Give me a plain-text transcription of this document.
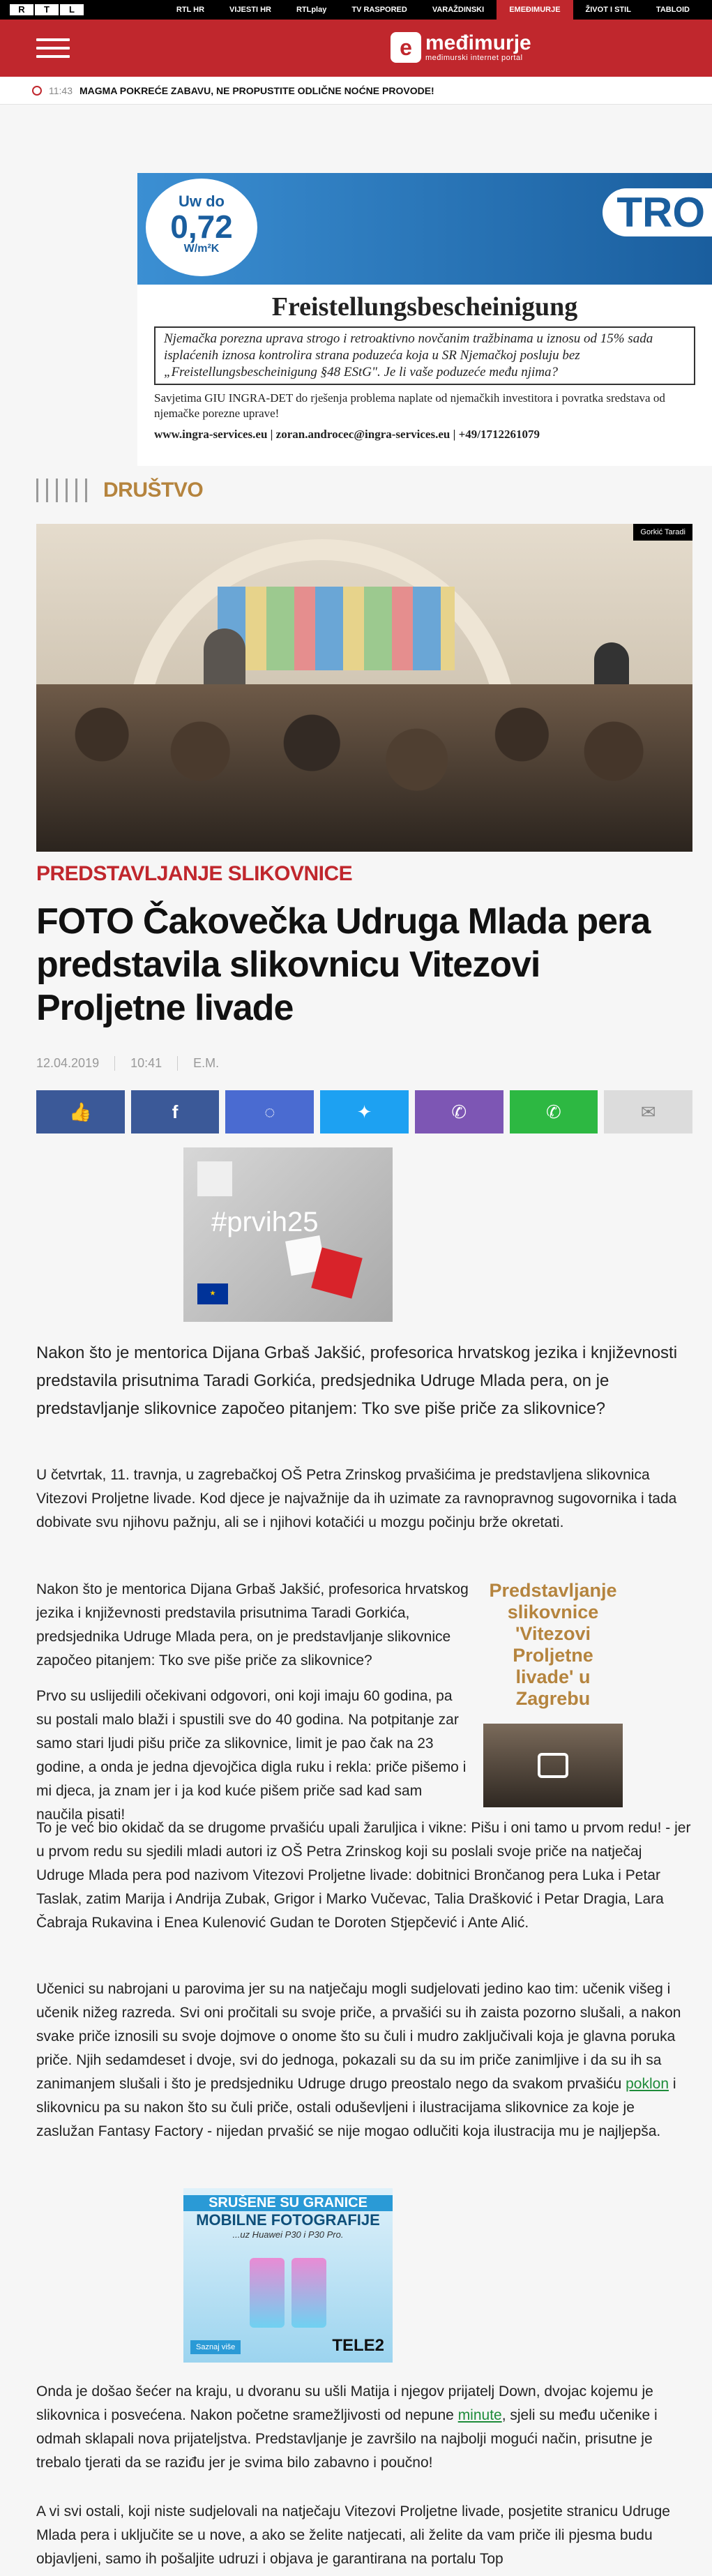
R	T	L	RTL HR	VIJESTI HR	RTLplay	TV RASPORED	VARAŽDINSKI	EMEĐIMURJE	ŽIVOT I STIL	TABLOID
e međimurje
međimurski internet portal
11:43 MAGMA POKREĆE ZABAVU, NE PROPUSTITE ODLIČNE NOĆNE PROVODE!
Uw do
0,72
W/m²K
TRO
Freistellungsbescheinigung
Njemačka porezna uprava strogo i retroaktivno novčanim tražbinama u iznosu od 15% sada isplaćenih iznosa kontrolira strana poduzeća koja u SR Njemačkoj posluju bez „Freistellungsbescheinigung §48 EStG". Je li vaše poduzeće među njima?
Savjetima GIU INGRA-DET do rješenja problema naplate od njemačkih investitora i povratka sredstava od njemačke porezne uprave!
www.ingra-services.eu | zoran.androcec@ingra-services.eu | +49/1712261079
DRUŠTVO
Gorkić Taradi
PREDSTAVLJANJE SLIKOVNICE
FOTO Čakovečka Udruga Mlada pera predstavila slikovnicu Vitezovi Proljetne livade
12.04.2019	10:41	E.M.
👍	f	◌	✦	✆	✆	✉
#prvih25
★

Nakon što je mentorica Dijana Grbaš Jakšić, profesorica hrvatskog jezika i književnosti predstavila prisutnima Taradi Gorkića, predsjednika Udruge Mlada pera, on je predstavljanje slikovnice započeo pitanjem: Tko sve piše priče za slikovnice?

U četvrtak, 11. travnja, u zagrebačkoj OŠ Petra Zrinskog prvašićima je predstavljena slikovnica Vitezovi Proljetne livade. Kod djece je najvažnije da ih uzimate za ravnopravnog sugovornika i tada dobivate svu njihovu pažnju, ali se i njihovi kotačići u mozgu počinju brže okretati.

Nakon što je mentorica Dijana Grbaš Jakšić, profesorica hrvatskog jezika i književnosti predstavila prisutnima Taradi Gorkića, predsjednika Udruge Mlada pera, on je predstavljanje slikovnice započeo pitanjem: Tko sve piše priče za slikovnice?

Prvo su uslijedili očekivani odgovori, oni koji imaju 60 godina, pa su postali malo blaži i spustili sve do 40 godina. Na potpitanje zar samo stari ljudi pišu priče za slikovnice, limit je pao čak na 23 godine, a onda je jedna djevojčica digla ruku i rekla: priče pišemo i mi djeca, ja znam jer i ja kod kuće pišem priče sad kad sam naučila pisati!

Predstavljanje slikovnice 'Vitezovi Proljetne livade' u Zagrebu

To je već bio okidač da se drugome prvašiću upali žaruljica i vikne: Pišu i oni tamo u prvom redu! - jer u prvom redu su sjedili mladi autori iz OŠ Petra Zrinskog koji su poslali svoje priče na natječaj Udruge Mlada pera pod nazivom Vitezovi Proljetne livade: dobitnici Brončanog pera Luka i Petar Taslak, zatim Marija i Andrija Zubak, Grigor i Marko Vučevac, Talia Drašković i Petar Dragia, Lara Čabraja Rukavina i Enea Kulenović Gudan te Doroten Stjepčević i Ante Alić.

Učenici su nabrojani u parovima jer su na natječaju mogli sudjelovati jedino kao tim: učenik višeg i učenik nižeg razreda. Svi oni pročitali su svoje priče, a prvašići su ih zaista pozorno slušali, a nakon svake priče iznosili su svoje dojmove o onome što su čuli i mudro zaključivali koja je glavna poruka priče. Njih sedamdeset i dvoje, svi do jednoga, pokazali su da su im priče zanimljive i da su ih sa zanimanjem slušali i što je predsjedniku Udruge drugo preostalo nego da svakom prvašiću poklon i slikovnicu pa su nakon što su čuli priče, ostali oduševljeni i ilustracijama slikovnice za koje je zaslužan Fantasy Factory - nijedan prvašić se nije mogao odlučiti koja ilustracija mu je najljepša.

SRUŠENE SU GRANICE
MOBILNE FOTOGRAFIJE
...uz Huawei P30 i P30 Pro.
Saznaj više	TELE2

Onda je došao šećer na kraju, u dvoranu su ušli Matija i njegov prijatelj Down, dvojac kojemu je slikovnica i posvećena. Nakon početne sramežljivosti od nepune minute, sjeli su među učenike i odmah sklapali nova prijateljstva. Predstavljanje je završilo na najbolji mogući način, prisutne je trebalo tjerati da se raziđu jer je svima bilo zabavno i poučno!

A vi svi ostali, koji niste sudjelovali na natječaju Vitezovi Proljetne livade, posjetite stranicu Udruge Mlada pera i uključite se u nove, a ako se želite natjecati, ali želite da vam priče ili pjesma budu objavljeni, samo ih pošaljite udruzi i objava je garantirana na portalu Top
